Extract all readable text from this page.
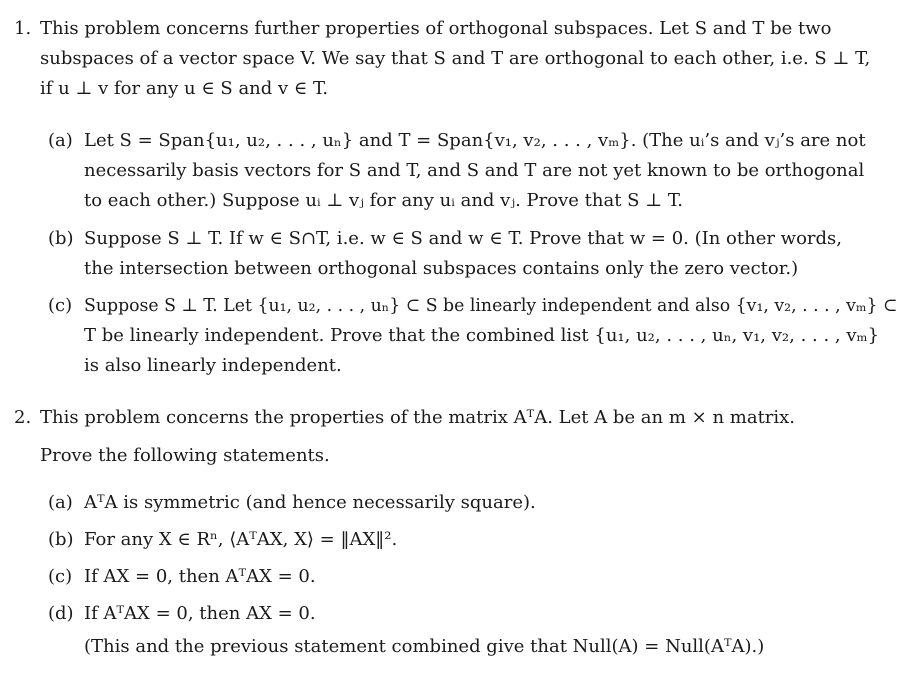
1. This problem concerns further properties of orthogonal subspaces. Let S and T be two
subspaces of a vector space V. We say that S and T are orthogonal to each other, i.e. S ⊥ T,
if u ⊥ v for any u ∈ S and v ∈ T.
(a) Let S = Span{u₁, u₂, . . . , uₙ} and T = Span{v₁, v₂, . . . , vₘ}. (The uᵢ’s and vⱼ’s are not
necessarily basis vectors for S and T, and S and T are not yet known to be orthogonal
to each other.) Suppose uᵢ ⊥ vⱼ for any uᵢ and vⱼ. Prove that S ⊥ T.
(b) Suppose S ⊥ T. If w ∈ S∩T, i.e. w ∈ S and w ∈ T. Prove that w = 0. (In other words,
the intersection between orthogonal subspaces contains only the zero vector.)
(c) Suppose S ⊥ T. Let {u₁, u₂, . . . , uₙ} ⊂ S be linearly independent and also {v₁, v₂, . . . , vₘ} ⊂
T be linearly independent. Prove that the combined list {u₁, u₂, . . . , uₙ, v₁, v₂, . . . , vₘ}
is also linearly independent.
2. This problem concerns the properties of the matrix AᵀA. Let A be an m × n matrix.
Prove the following statements.
(a) AᵀA is symmetric (and hence necessarily square).
(b) For any X ∈ Rⁿ, ⟨AᵀAX, X⟩ = ‖AX‖².
(c) If AX = 0, then AᵀAX = 0.
(d) If AᵀAX = 0, then AX = 0.
(This and the previous statement combined give that Null(A) = Null(AᵀA).)
